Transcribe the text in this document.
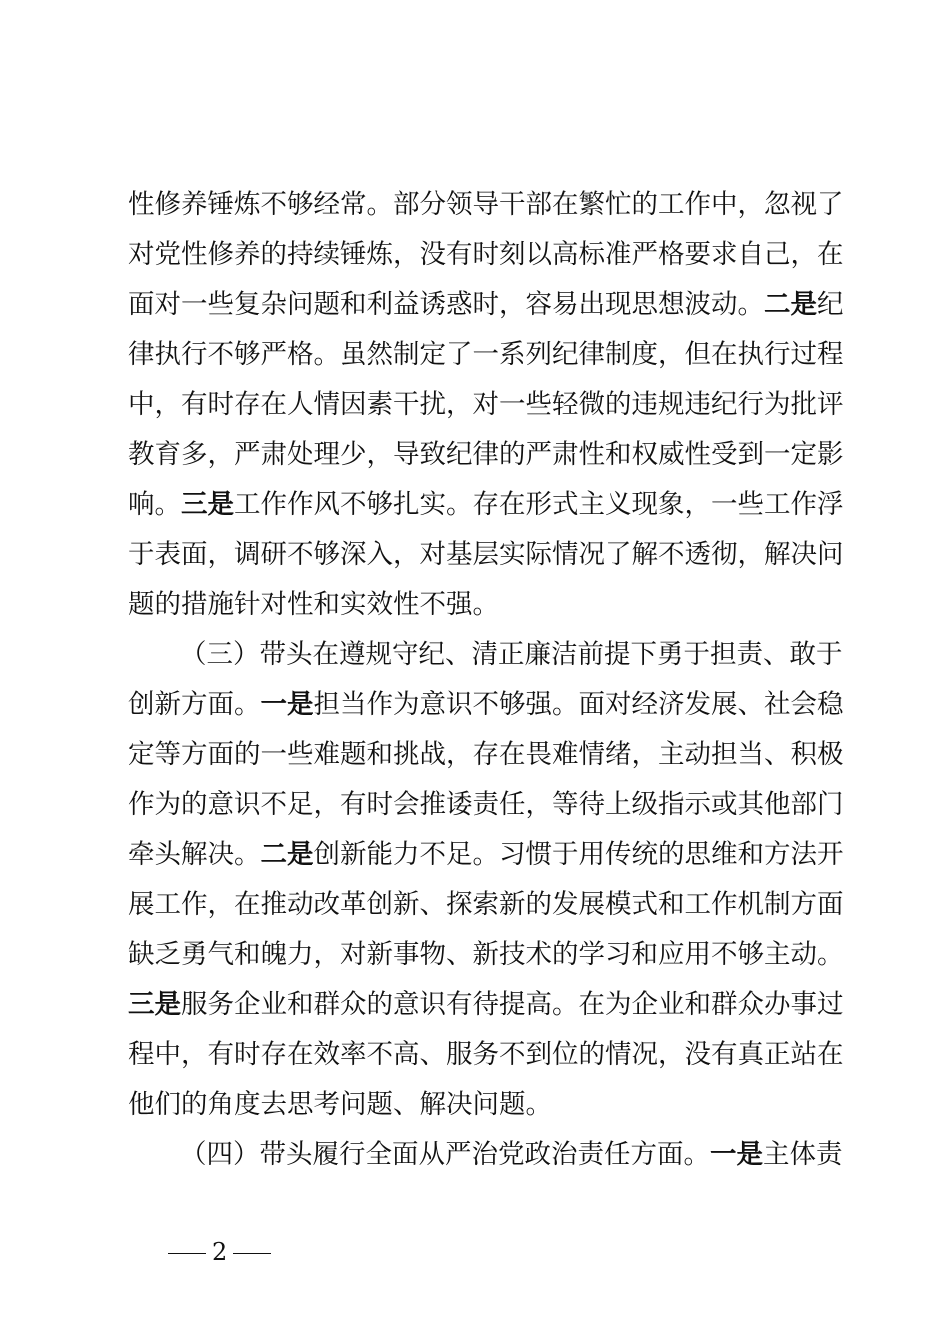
性修养锤炼不够经常。部分领导干部在繁忙的工作中，忽视了
对党性修养的持续锤炼，没有时刻以高标准严格要求自己，在
面对一些复杂问题和利益诱惑时，容易出现思想波动。二是纪
律执行不够严格。虽然制定了一系列纪律制度，但在执行过程
中，有时存在人情因素干扰，对一些轻微的违规违纪行为批评
教育多，严肃处理少，导致纪律的严肃性和权威性受到一定影
响。三是工作作风不够扎实。存在形式主义现象，一些工作浮
于表面，调研不够深入，对基层实际情况了解不透彻，解决问
题的措施针对性和实效性不强。
（三）带头在遵规守纪、清正廉洁前提下勇于担责、敢于
创新方面。一是担当作为意识不够强。面对经济发展、社会稳
定等方面的一些难题和挑战，存在畏难情绪，主动担当、积极
作为的意识不足，有时会推诿责任，等待上级指示或其他部门
牵头解决。二是创新能力不足。习惯于用传统的思维和方法开
展工作，在推动改革创新、探索新的发展模式和工作机制方面
缺乏勇气和魄力，对新事物、新技术的学习和应用不够主动。
三是服务企业和群众的意识有待提高。在为企业和群众办事过
程中，有时存在效率不高、服务不到位的情况，没有真正站在
他们的角度去思考问题、解决问题。
（四）带头履行全面从严治党政治责任方面。一是主体责
2
